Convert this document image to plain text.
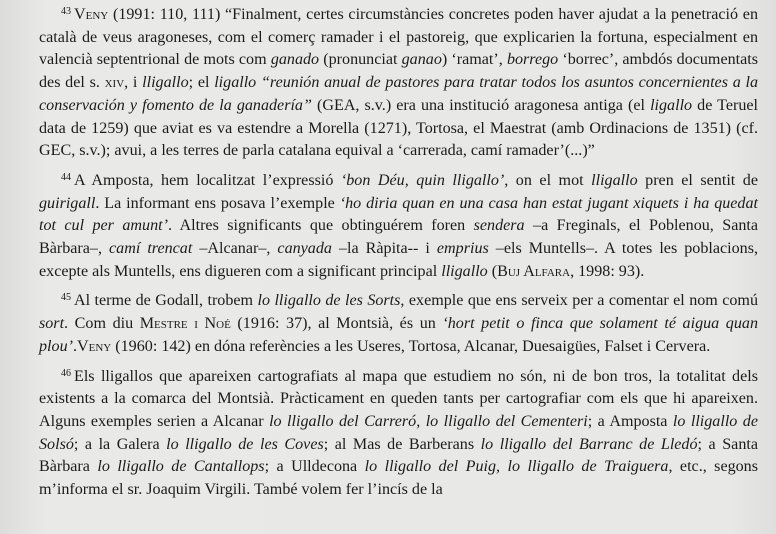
$^{43}$ Veny (1991: 110, 111) “Finalment, certes circumstàncies concretes poden haver ajudat a la penetració en català de veus aragoneses, com el comerç ramader i el pastoreig, que explicarien la fortuna, especialment en valencià septentrional de mots com ganado (pronunciat ganao) ‘ramat’, borrego ‘borrec’, ambdós documentats des del s. xiv, i lligallo; el ligallo “reunión anual de pastores para tratar todos los asuntos concernientes a la conservación y fomento de la ganadería” (GEA, s.v.) era una institució aragonesa antiga (el ligallo de Teruel data de 1259) que aviat es va estendre a Morella (1271), Tortosa, el Maestrat (amb Ordinacions de 1351) (cf. GEC, s.v.); avui, a les terres de parla catalana equival a ‘carrerada, camí ramader’(...)”

$^{44}$ A Amposta, hem localitzat l’expressió ‘bon Déu, quin lligallo’, on el mot lligallo pren el sentit de guirigall. La informant ens posava l’exemple ‘ho diria quan en una casa han estat jugant xiquets i ha quedat tot cul per amunt’. Altres significants que obtinguérem foren sendera –a Freginals, el Poblenou, Santa Bàrbara–, camí trencat –Alcanar–, canyada –la Ràpita-- i emprius –els Muntells–. A totes les poblacions, excepte als Muntells, ens digueren com a significant principal lligallo (Buj Alfara, 1998: 93).

$^{45}$ Al terme de Godall, trobem lo lligallo de les Sorts, exemple que ens serveix per a comentar el nom comú sort. Com diu Mestre i Noé (1916: 37), al Montsià, és un ‘hort petit o finca que solament té aigua quan plou’.Veny (1960: 142) en dóna referències a les Useres, Tortosa, Alcanar, Duesaigües, Falset i Cervera.

$^{46}$ Els lligallos que apareixen cartografiats al mapa que estudiem no són, ni de bon tros, la totalitat dels existents a la comarca del Montsià. Pràcticament en queden tants per cartografiar com els que hi apareixen. Alguns exemples serien a Alcanar lo lligallo del Carreró, lo lligallo del Cementeri; a Amposta lo lligallo de Solsó; a la Galera lo lligallo de les Coves; al Mas de Barberans lo lligallo del Barranc de Lledó; a Santa Bàrbara lo lligallo de Cantallops; a Ulldecona lo lligallo del Puig, lo lligallo de Traiguera, etc., segons m’informa el sr. Joaquim Virgili. També volem fer l’incís de la
